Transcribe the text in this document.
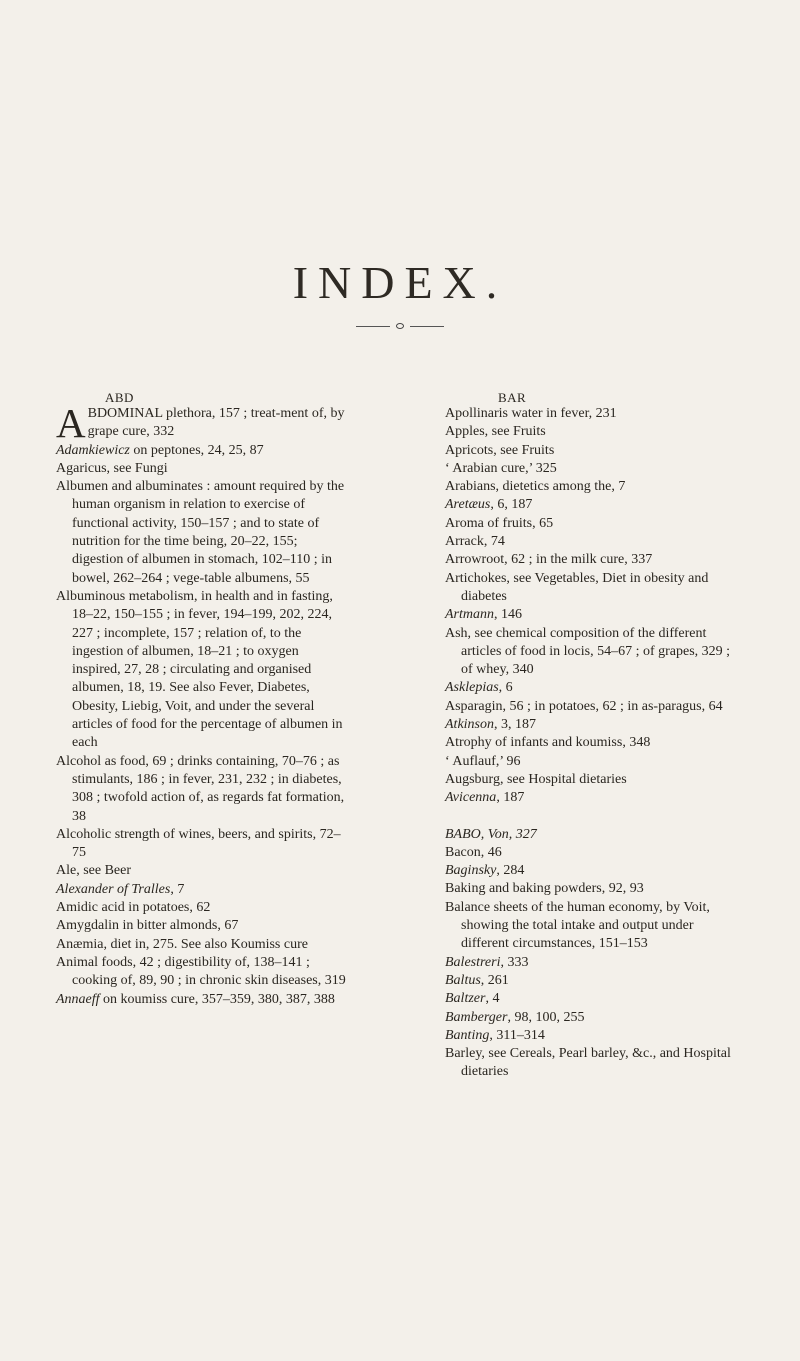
INDEX.
ABD	BAR
ABDOMINAL plethora, 157 ; treat-ment of, by grape cure, 332
Adamkiewicz on peptones, 24, 25, 87
Agaricus, see Fungi
Albumen and albuminates : amount required by the human organism in relation to exercise of functional activity, 150–157 ; and to state of nutrition for the time being, 20–22, 155; digestion of albumen in stomach, 102–110 ; in bowel, 262–264 ; vege-table albumens, 55
Albuminous metabolism, in health and in fasting, 18–22, 150–155 ; in fever, 194–199, 202, 224, 227 ; incomplete, 157 ; relation of, to the ingestion of albumen, 18–21 ; to oxygen inspired, 27, 28 ; circulating and organised albumen, 18, 19. See also Fever, Diabetes, Obesity, Liebig, Voit, and under the several articles of food for the percentage of albumen in each
Alcohol as food, 69 ; drinks containing, 70–76 ; as stimulants, 186 ; in fever, 231, 232 ; in diabetes, 308 ; twofold action of, as regards fat formation, 38
Alcoholic strength of wines, beers, and spirits, 72–75
Ale, see Beer
Alexander of Tralles, 7
Amidic acid in potatoes, 62
Amygdalin in bitter almonds, 67
Anæmia, diet in, 275. See also Koumiss cure
Animal foods, 42 ; digestibility of, 138–141 ; cooking of, 89, 90 ; in chronic skin diseases, 319
Annaeff on koumiss cure, 357–359, 380, 387, 388
Apollinaris water in fever, 231
Apples, see Fruits
Apricots, see Fruits
‘ Arabian cure,’ 325
Arabians, dietetics among the, 7
Aretæus, 6, 187
Aroma of fruits, 65
Arrack, 74
Arrowroot, 62 ; in the milk cure, 337
Artichokes, see Vegetables, Diet in obesity and diabetes
Artmann, 146
Ash, see chemical composition of the different articles of food in locis, 54–67 ; of grapes, 329 ; of whey, 340
Asklepias, 6
Asparagin, 56 ; in potatoes, 62 ; in as-paragus, 64
Atkinson, 3, 187
Atrophy of infants and koumiss, 348
‘ Auflauf,’ 96
Augsburg, see Hospital dietaries
Avicenna, 187
BABO, Von, 327
Bacon, 46
Baginsky, 284
Baking and baking powders, 92, 93
Balance sheets of the human economy, by Voit, showing the total intake and output under different circumstances, 151–153
Balestreri, 333
Baltus, 261
Baltzer, 4
Bamberger, 98, 100, 255
Banting, 311–314
Barley, see Cereals, Pearl barley, &c., and Hospital dietaries
